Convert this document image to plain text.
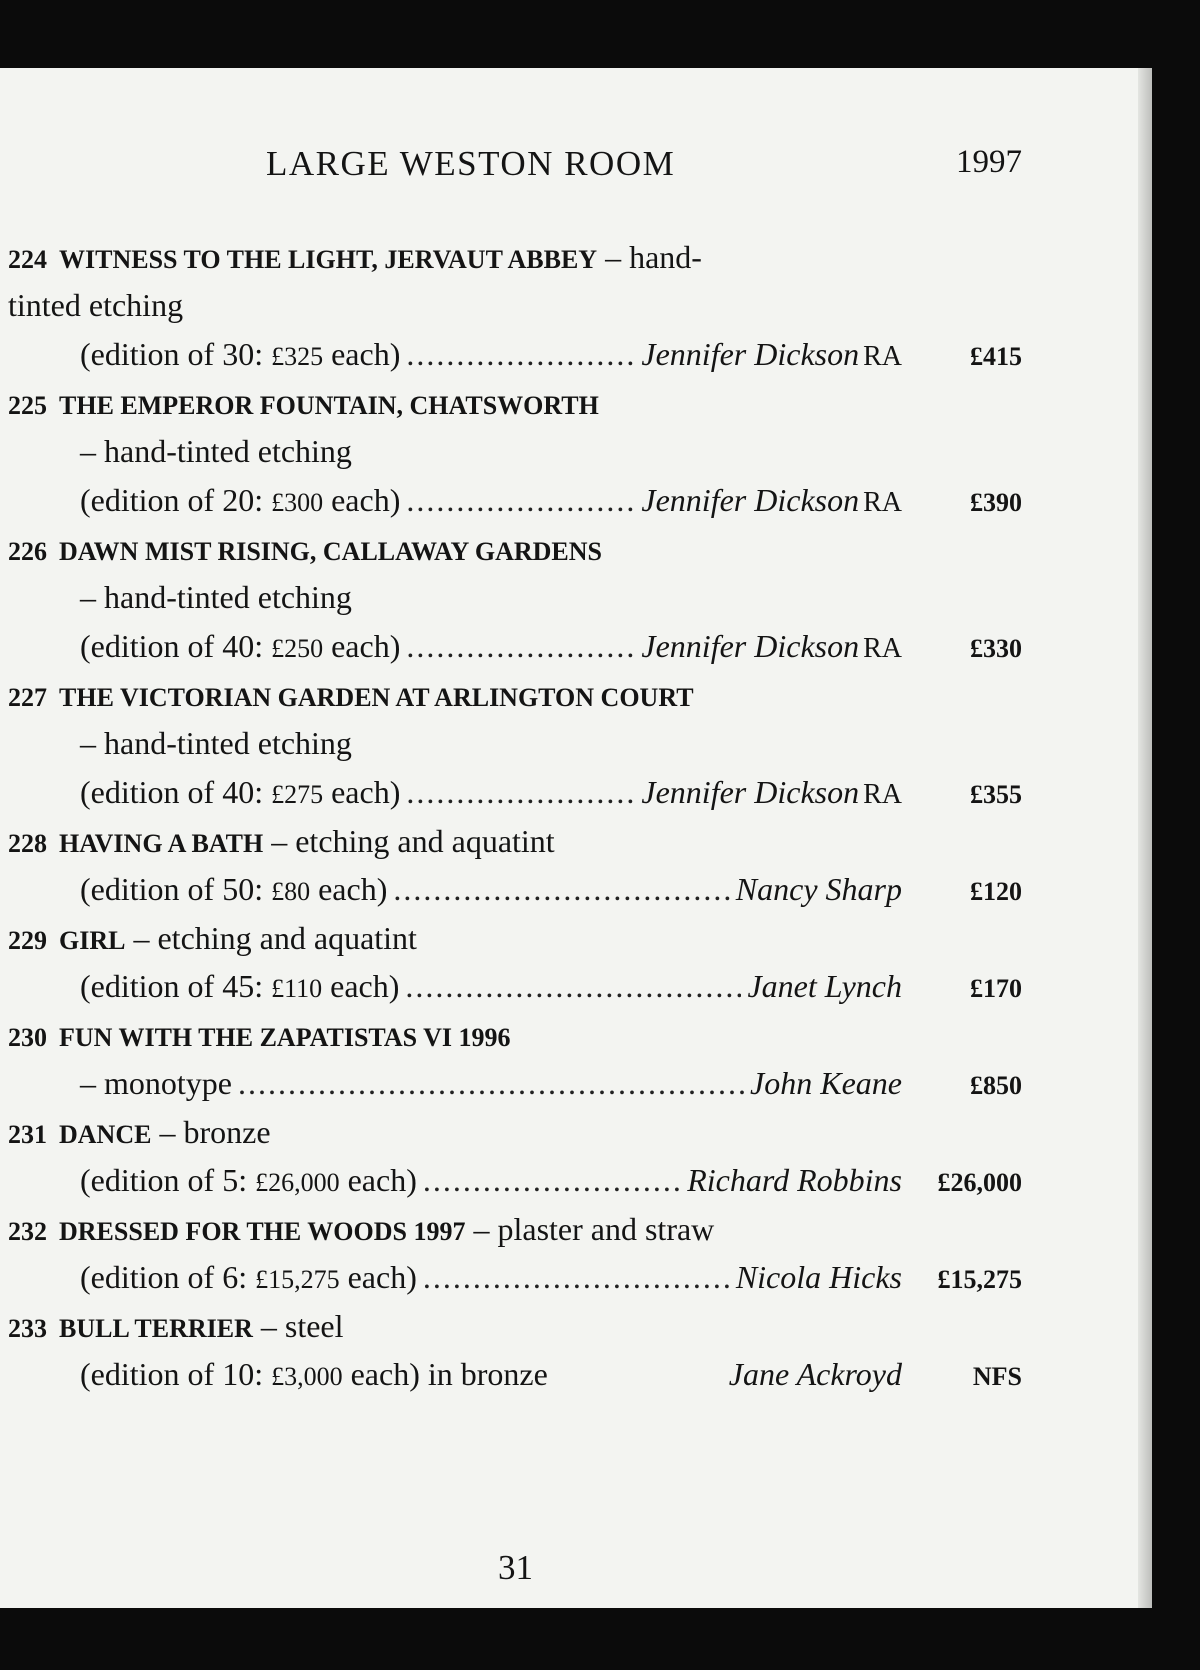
LARGE WESTON ROOM	1997
224 WITNESS TO THE LIGHT, JERVAUT ABBEY – hand-
tinted etching
(edition of 30: £325 each) .....	Jennifer Dickson RA	£415
225 THE EMPEROR FOUNTAIN, CHATSWORTH
– hand-tinted etching
(edition of 20: £300 each) .....	Jennifer Dickson RA	£390
226 DAWN MIST RISING, CALLAWAY GARDENS
– hand-tinted etching
(edition of 40: £250 each) .....	Jennifer Dickson RA	£330
227 THE VICTORIAN GARDEN AT ARLINGTON COURT
– hand-tinted etching
(edition of 40: £275 each) .....	Jennifer Dickson RA	£355
228 HAVING A BATH – etching and aquatint
(edition of 50: £80 each) .....	Nancy Sharp	£120
229 GIRL – etching and aquatint
(edition of 45: £110 each) .....	Janet Lynch	£170
230 FUN WITH THE ZAPATISTAS VI 1996
– monotype .....	John Keane	£850
231 DANCE – bronze
(edition of 5: £26,000 each) .....	Richard Robbins	£26,000
232 DRESSED FOR THE WOODS 1997 – plaster and straw
(edition of 6: £15,275 each) .....	Nicola Hicks	£15,275
233 BULL TERRIER – steel
(edition of 10: £3,000 each) in bronze	Jane Ackroyd	NFS
31
